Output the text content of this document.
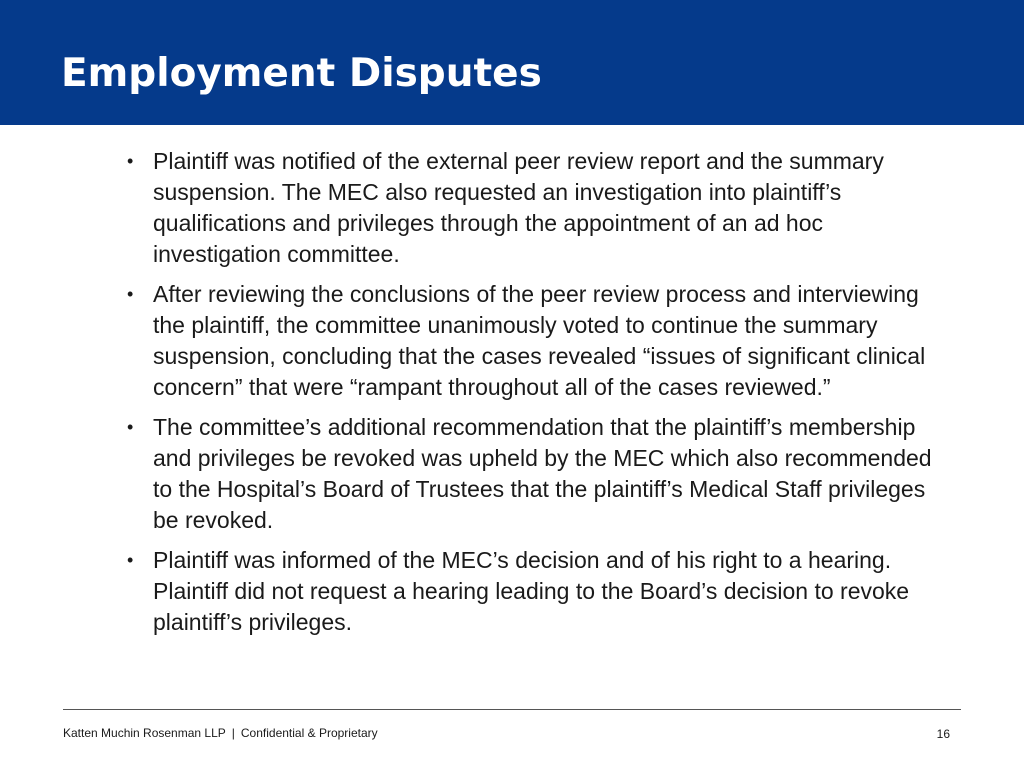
Employment Disputes
• Plaintiff was notified of the external peer review report and the summary suspension. The MEC also requested an investigation into plaintiff’s qualifications and privileges through the appointment of an ad hoc investigation committee.
• After reviewing the conclusions of the peer review process and interviewing the plaintiff, the committee unanimously voted to continue the summary suspension, concluding that the cases revealed “issues of significant clinical concern” that were “rampant throughout all of the cases reviewed.”
• The committee’s additional recommendation that the plaintiff’s membership and privileges be revoked was upheld by the MEC which also recommended to the Hospital’s Board of Trustees that the plaintiff’s Medical Staff privileges be revoked.
• Plaintiff was informed of the MEC’s decision and of his right to a hearing. Plaintiff did not request a hearing leading to the Board’s decision to revoke plaintiff’s privileges.
Katten Muchin Rosenman LLP | Confidential & Proprietary	16
